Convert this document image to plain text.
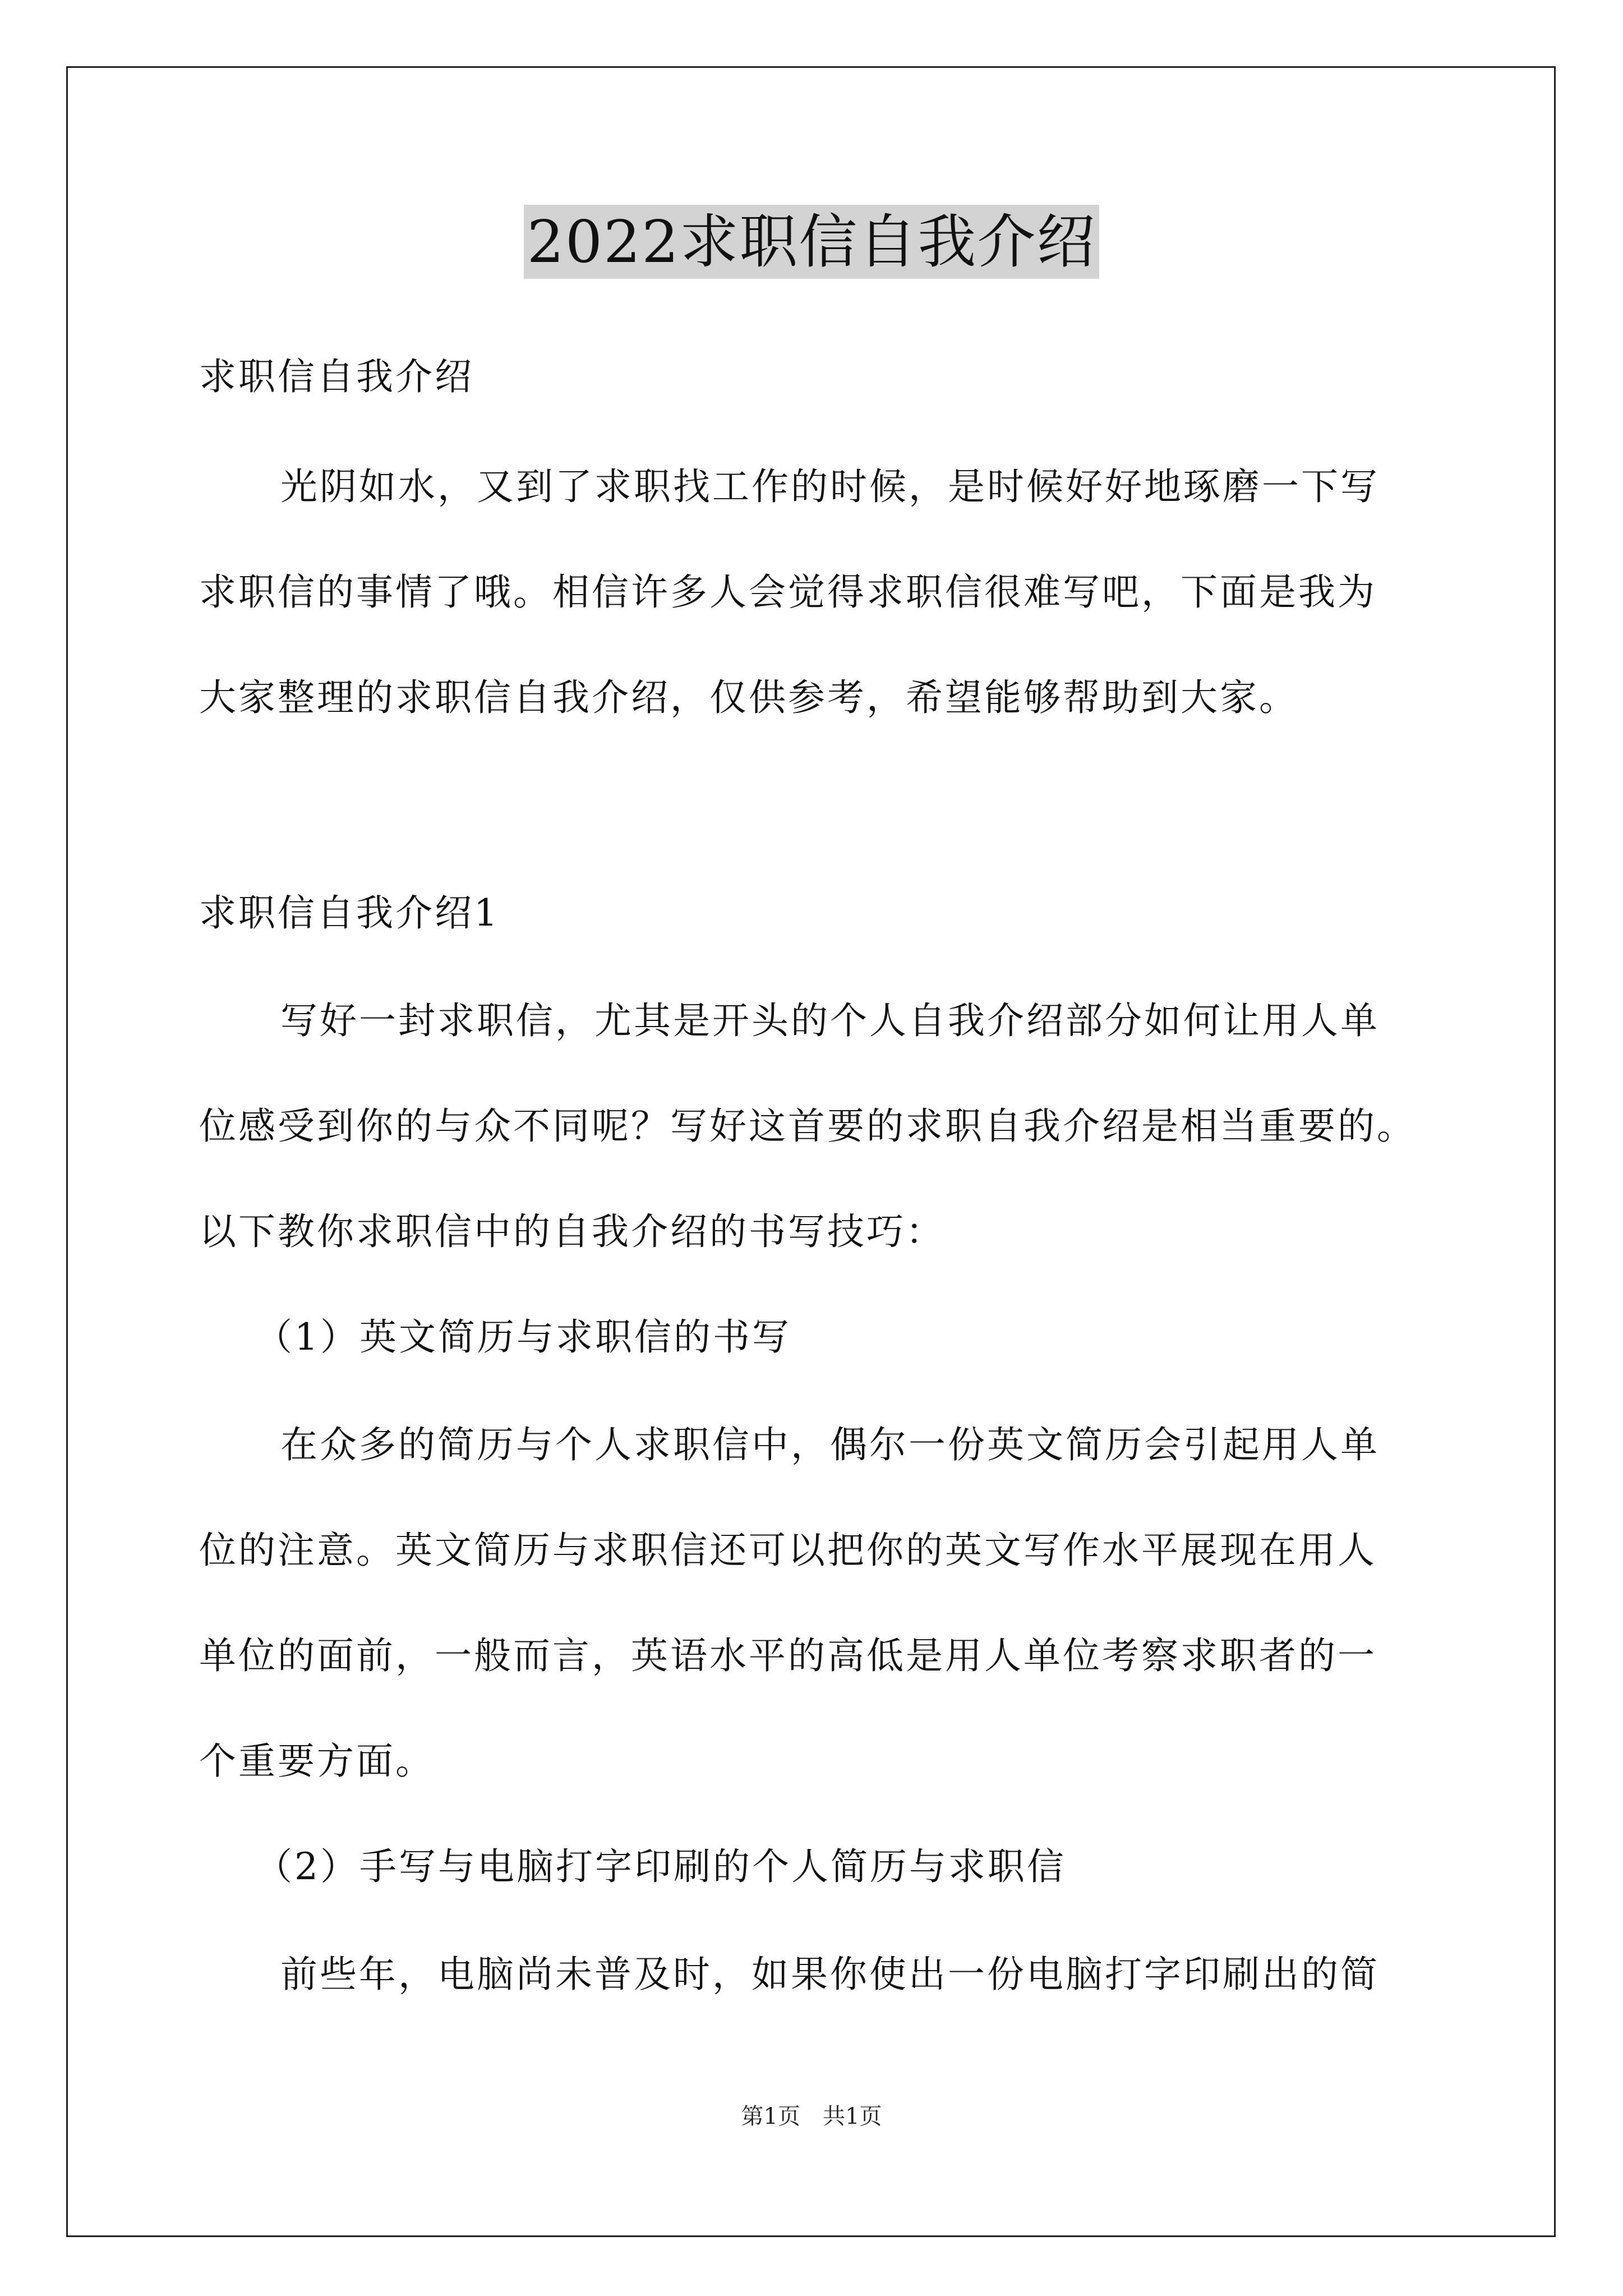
2022求职信自我介绍
求职信自我介绍
光阴如水，又到了求职找工作的时候，是时候好好地琢磨一下写
求职信的事情了哦。相信许多人会觉得求职信很难写吧，下面是我为
大家整理的求职信自我介绍，仅供参考，希望能够帮助到大家。
求职信自我介绍1
写好一封求职信，尤其是开头的个人自我介绍部分如何让用人单
位感受到你的与众不同呢？写好这首要的求职自我介绍是相当重要的。
以下教你求职信中的自我介绍的书写技巧：
（1）英文简历与求职信的书写
在众多的简历与个人求职信中，偶尔一份英文简历会引起用人单
位的注意。英文简历与求职信还可以把你的英文写作水平展现在用人
单位的面前，一般而言，英语水平的高低是用人单位考察求职者的一
个重要方面。
（2）手写与电脑打字印刷的个人简历与求职信
前些年，电脑尚未普及时，如果你使出一份电脑打字印刷出的简
第1页　共1页
